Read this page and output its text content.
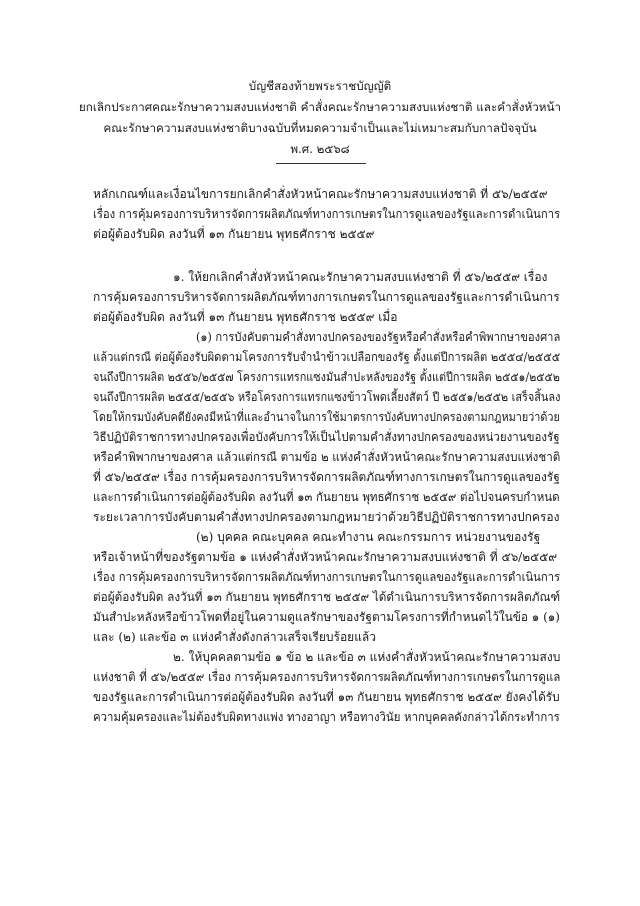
บัญชีสองท้ายพระราชบัญญัติ
ยกเลิกประกาศคณะรักษาความสงบแห่งชาติ คำสั่งคณะรักษาความสงบแห่งชาติ และคำสั่งหัวหน้า
คณะรักษาความสงบแห่งชาติบางฉบับที่หมดความจำเป็นและไม่เหมาะสมกับกาลปัจจุบัน
พ.ศ. ๒๕๖๘
หลักเกณฑ์และเงื่อนไขการยกเลิกคำสั่งหัวหน้าคณะรักษาความสงบแห่งชาติ ที่ ๕๖/๒๕๕๙
เรื่อง การคุ้มครองการบริหารจัดการผลิตภัณฑ์ทางการเกษตรในการดูแลของรัฐและการดำเนินการ
ต่อผู้ต้องรับผิด ลงวันที่ ๑๓ กันยายน พุทธศักราช ๒๕๕๙
๑. ให้ยกเลิกคำสั่งหัวหน้าคณะรักษาความสงบแห่งชาติ ที่ ๕๖/๒๕๕๙ เรื่อง
การคุ้มครองการบริหารจัดการผลิตภัณฑ์ทางการเกษตรในการดูแลของรัฐและการดำเนินการ
ต่อผู้ต้องรับผิด ลงวันที่ ๑๓ กันยายน พุทธศักราช ๒๕๕๙ เมื่อ
(๑) การบังคับตามคำสั่งทางปกครองของรัฐหรือคำสั่งหรือคำพิพากษาของศาล
แล้วแต่กรณี ต่อผู้ต้องรับผิดตามโครงการรับจำนำข้าวเปลือกของรัฐ ตั้งแต่ปีการผลิต ๒๕๕๔/๒๕๕๕
จนถึงปีการผลิต ๒๕๕๖/๒๕๕๗ โครงการแทรกแซงมันสำปะหลังของรัฐ ตั้งแต่ปีการผลิต ๒๕๕๑/๒๕๕๒
จนถึงปีการผลิต ๒๕๕๕/๒๕๕๖ หรือโครงการแทรกแซงข้าวโพดเลี้ยงสัตว์ ปี ๒๕๕๑/๒๕๕๒ เสร็จสิ้นลง
โดยให้กรมบังคับคดียังคงมีหน้าที่และอำนาจในการใช้มาตรการบังคับทางปกครองตามกฎหมายว่าด้วย
วิธีปฏิบัติราชการทางปกครองเพื่อบังคับการให้เป็นไปตามคำสั่งทางปกครองของหน่วยงานของรัฐ
หรือคำพิพากษาของศาล แล้วแต่กรณี ตามข้อ ๒ แห่งคำสั่งหัวหน้าคณะรักษาความสงบแห่งชาติ
ที่ ๕๖/๒๕๕๙ เรื่อง การคุ้มครองการบริหารจัดการผลิตภัณฑ์ทางการเกษตรในการดูแลของรัฐ
และการดำเนินการต่อผู้ต้องรับผิด ลงวันที่ ๑๓ กันยายน พุทธศักราช ๒๕๕๙ ต่อไปจนครบกำหนด
ระยะเวลาการบังคับตามคำสั่งทางปกครองตามกฎหมายว่าด้วยวิธีปฏิบัติราชการทางปกครอง
(๒) บุคคล คณะบุคคล คณะทำงาน คณะกรรมการ หน่วยงานของรัฐ
หรือเจ้าหน้าที่ของรัฐตามข้อ ๑ แห่งคำสั่งหัวหน้าคณะรักษาความสงบแห่งชาติ ที่ ๕๖/๒๕๕๙
เรื่อง การคุ้มครองการบริหารจัดการผลิตภัณฑ์ทางการเกษตรในการดูแลของรัฐและการดำเนินการ
ต่อผู้ต้องรับผิด ลงวันที่ ๑๓ กันยายน พุทธศักราช ๒๕๕๙ ได้ดำเนินการบริหารจัดการผลิตภัณฑ์
มันสำปะหลังหรือข้าวโพดที่อยู่ในความดูแลรักษาของรัฐตามโครงการที่กำหนดไว้ในข้อ ๑ (๑)
และ (๒) และข้อ ๓ แห่งคำสั่งดังกล่าวเสร็จเรียบร้อยแล้ว
๒. ให้บุคคลตามข้อ ๑ ข้อ ๒ และข้อ ๓ แห่งคำสั่งหัวหน้าคณะรักษาความสงบ
แห่งชาติ ที่ ๕๖/๒๕๕๙ เรื่อง การคุ้มครองการบริหารจัดการผลิตภัณฑ์ทางการเกษตรในการดูแล
ของรัฐและการดำเนินการต่อผู้ต้องรับผิด ลงวันที่ ๑๓ กันยายน พุทธศักราช ๒๕๕๙ ยังคงได้รับ
ความคุ้มครองและไม่ต้องรับผิดทางแพ่ง ทางอาญา หรือทางวินัย หากบุคคลดังกล่าวได้กระทำการ
